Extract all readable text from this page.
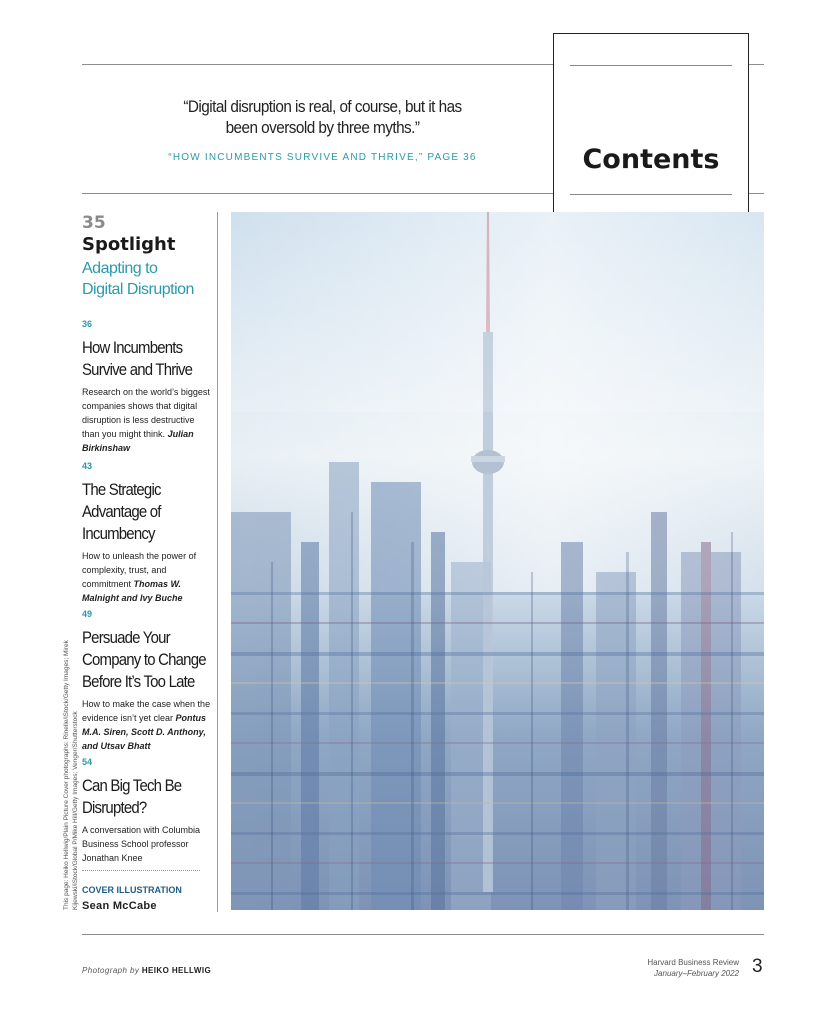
“Digital disruption is real, of course, but it has
been oversold by three myths.”
“HOW INCUMBENTS SURVIVE AND THRIVE,” PAGE 36	Contents
35
Spotlight
Adapting to
Digital Disruption
36
How Incumbents
Survive and Thrive
Research on the world’s biggest companies shows that digital disruption is less destructive than you might think. Julian Birkinshaw
43
The Strategic
Advantage of
Incumbency
How to unleash the power of complexity, trust, and commitment Thomas W. Malnight and Ivy Buche
49
Persuade Your
Company to Change
Before It’s Too Late
How to make the case when the evidence isn’t yet clear Pontus M.A. Siren, Scott D. Anthony, and Utsav Bhatt
54
Can Big Tech Be
Disrupted?
A conversation with Columbia Business School professor Jonathan Knee
COVER ILLUSTRATION
Sean McCabe
This page: Heiko Hellwig/Plain Picture Cover photographs: Rinelle/iStock/Getty Images; Mirek Kijewski/iStock/Global P/Mike Hill/Getty Images; Venger/Shutterstock
Photograph by HEIKO HELLWIG
Harvard Business Review
January–February 2022 3
